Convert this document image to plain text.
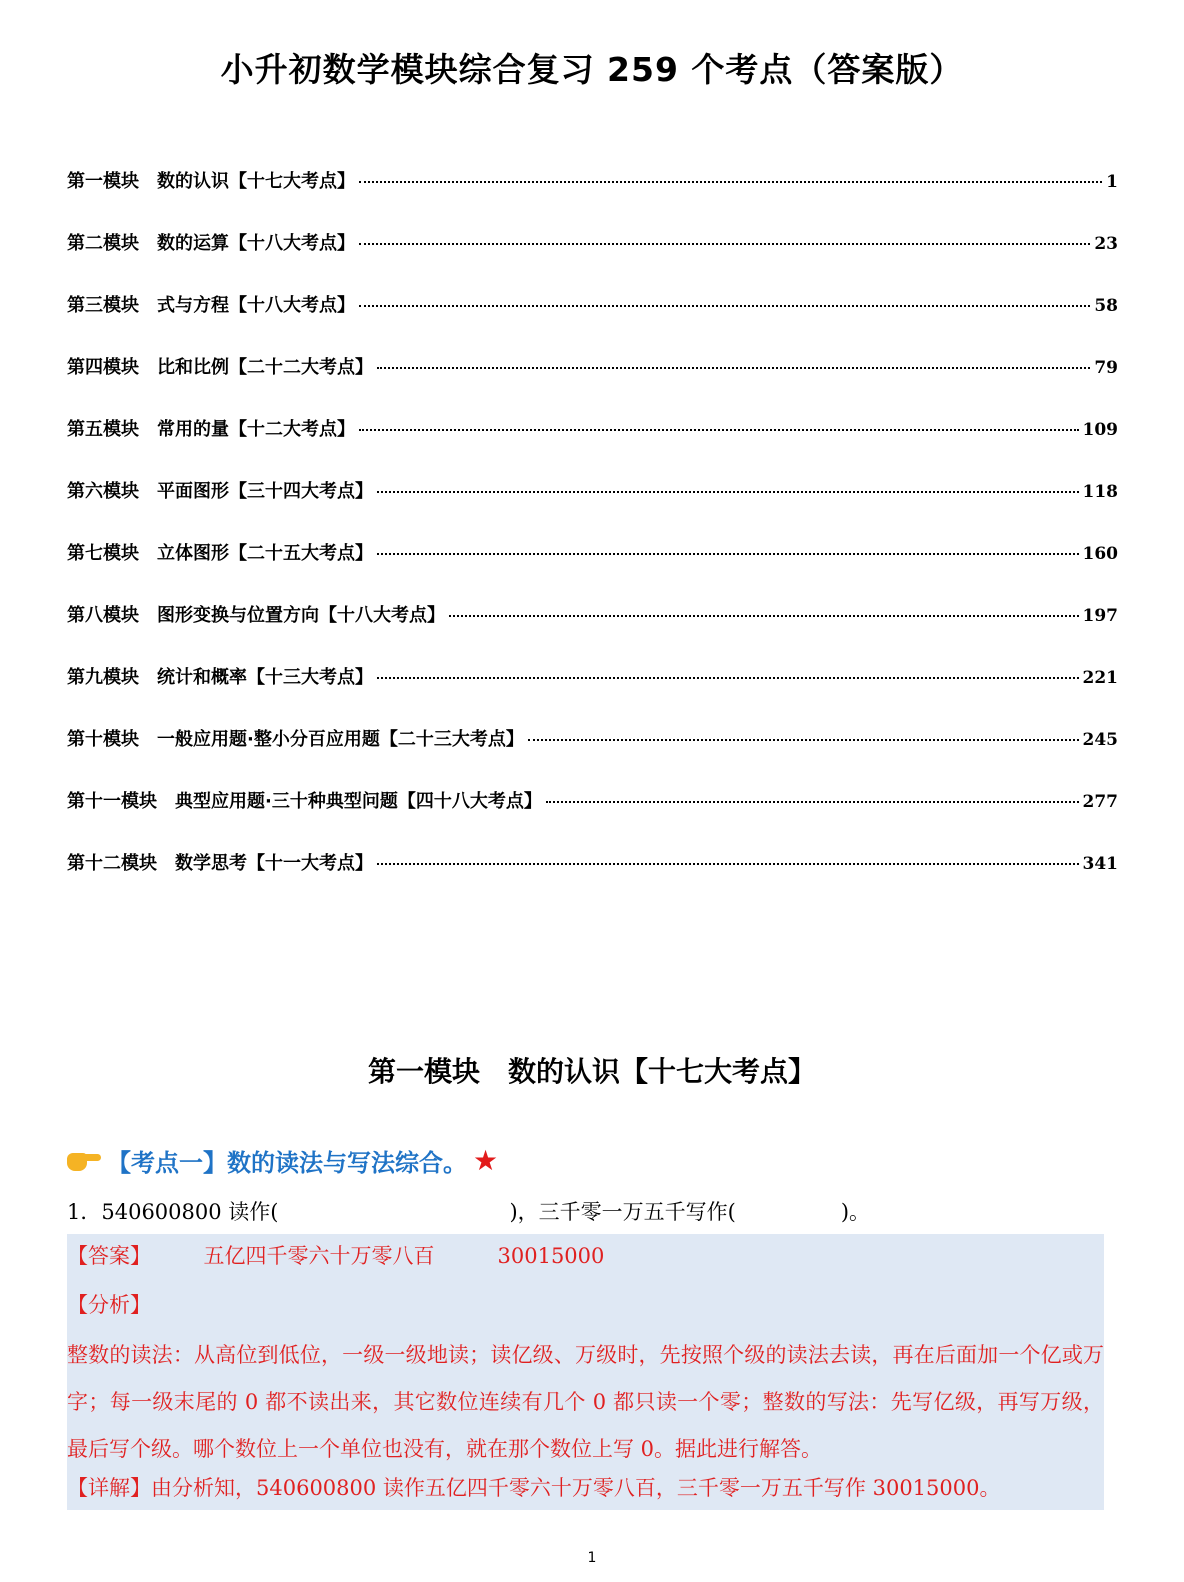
小升初数学模块综合复习 259 个考点（答案版）
第一模块　数的认识【十七大考点】	1
第二模块　数的运算【十八大考点】	23
第三模块　式与方程【十八大考点】	58
第四模块　比和比例【二十二大考点】	79
第五模块　常用的量【十二大考点】	109
第六模块　平面图形【三十四大考点】	118
第七模块　立体图形【二十五大考点】	160
第八模块　图形变换与位置方向【十八大考点】	197
第九模块　统计和概率【十三大考点】	221
第十模块　一般应用题·整小分百应用题【二十三大考点】	245
第十一模块　典型应用题·三十种典型问题【四十八大考点】	277
第十二模块　数学思考【十一大考点】	341
第一模块　数的认识【十七大考点】
【考点一】数的读法与写法综合。 ★
1．540600800 读作(　　　　　　　　　　　)，三千零一万五千写作(　　　　　)。
【答案】　　　	五亿四千零六十万零八百　　　	30015000
【分析】
整数的读法：从高位到低位，一级一级地读；读亿级、万级时，先按照个级的读法去读，再在后面加一个亿或万字；每一级末尾的 0 都不读出来，其它数位连续有几个 0 都只读一个零；整数的写法：先写亿级，再写万级，最后写个级。哪个数位上一个单位也没有，就在那个数位上写 0。据此进行解答。
【详解】由分析知，540600800 读作五亿四千零六十万零八百，三千零一万五千写作 30015000。
1
